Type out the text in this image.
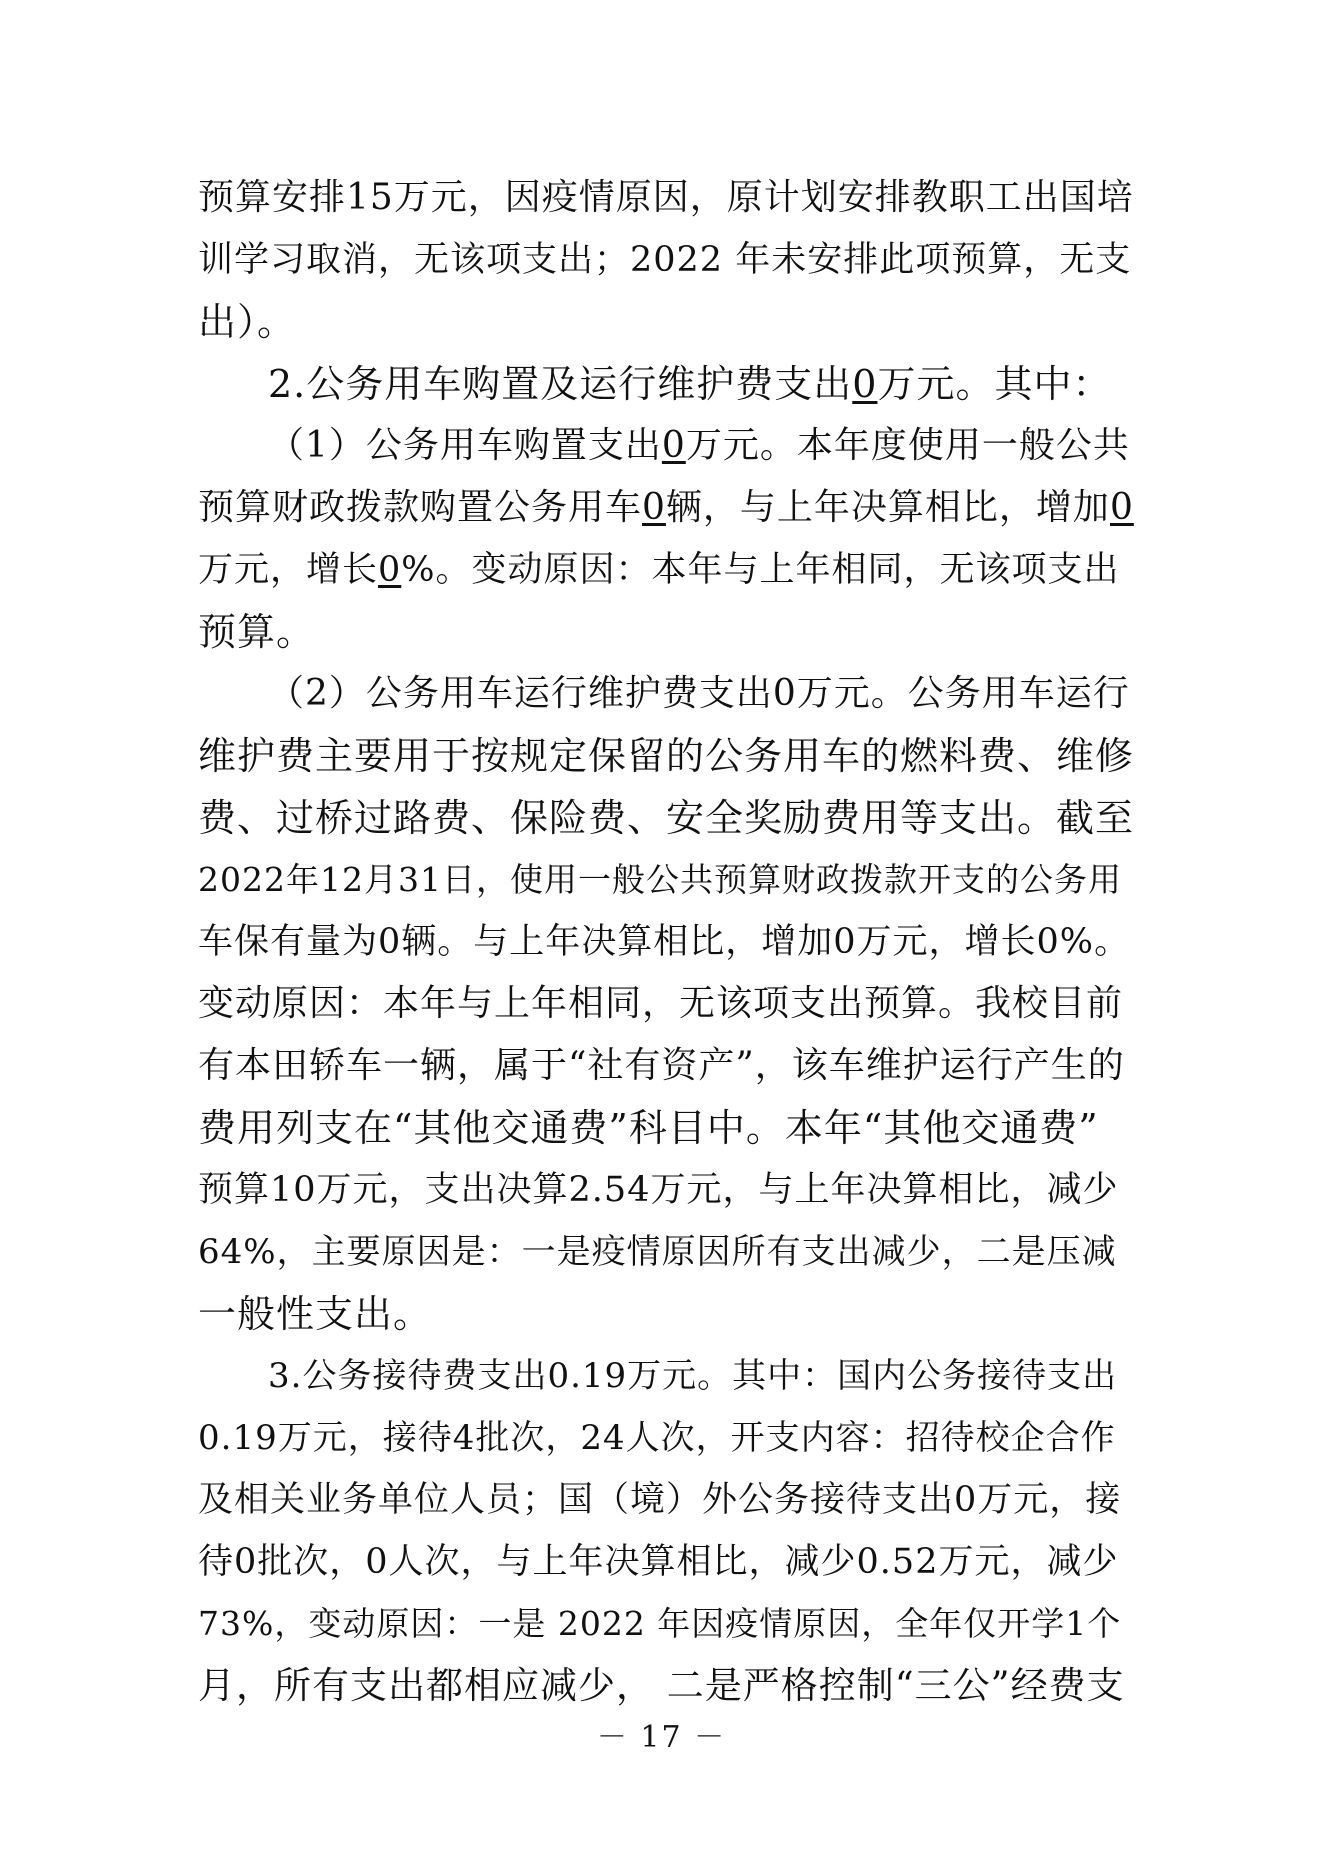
预算安排15万元，因疫情原因，原计划安排教职工出国培
训学习取消，无该项支出；2022 年未安排此项预算，无支
出）。
2.公务用车购置及运行维护费支出0万元。其中：
（1）公务用车购置支出0万元。本年度使用一般公共
预算财政拨款购置公务用车0辆，与上年决算相比，增加0
万元，增长0%。变动原因：本年与上年相同，无该项支出
预算。
（2）公务用车运行维护费支出0万元。公务用车运行
维护费主要用于按规定保留的公务用车的燃料费、维修
费、过桥过路费、保险费、安全奖励费用等支出。截至
2022年12月31日，使用一般公共预算财政拨款开支的公务用
车保有量为0辆。与上年决算相比，增加0万元，增长0%。
变动原因：本年与上年相同，无该项支出预算。我校目前
有本田轿车一辆，属于“社有资产”，该车维护运行产生的
费用列支在“其他交通费”科目中。本年“其他交通费”
预算10万元，支出决算2.54万元，与上年决算相比，减少
64%，主要原因是：一是疫情原因所有支出减少，二是压减
一般性支出。
3.公务接待费支出0.19万元。其中：国内公务接待支出
0.19万元，接待4批次，24人次，开支内容：招待校企合作
及相关业务单位人员；国（境）外公务接待支出0万元，接
待0批次，0人次，与上年决算相比，减少0.52万元，减少
73%，变动原因：一是 2022 年因疫情原因，全年仅开学1个
月，所有支出都相应减少， 二是严格控制“三公”经费支
－ 17 －
